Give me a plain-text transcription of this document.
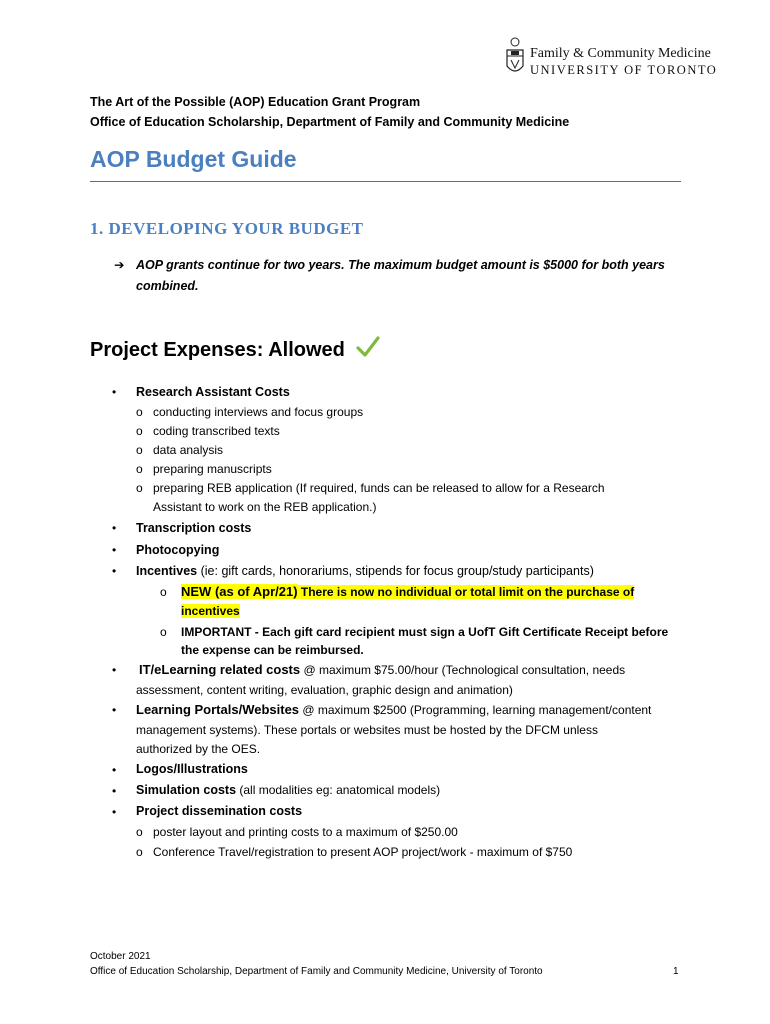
Family & Community Medicine
UNIVERSITY OF TORONTO
The Art of the Possible (AOP) Education Grant Program
Office of Education Scholarship, Department of Family and Community Medicine
AOP Budget Guide
1. DEVELOPING YOUR BUDGET
➔ AOP grants continue for two years. The maximum budget amount is $5000 for both years combined.
Project Expenses: Allowed
• Research Assistant Costs
o conducting interviews and focus groups
o coding transcribed texts
o data analysis
o preparing manuscripts
o preparing REB application (If required, funds can be released to allow for a Research
Assistant to work on the REB application.)
• Transcription costs
• Photocopying
• Incentives (ie: gift cards, honorariums, stipends for focus group/study participants)
o NEW (as of Apr/21) There is now no individual or total limit on the purchase of
incentives
o IMPORTANT - Each gift card recipient must sign a UofT Gift Certificate Receipt before
the expense can be reimbursed.
• IT/eLearning related costs @ maximum $75.00/hour (Technological consultation, needs
assessment, content writing, evaluation, graphic design and animation)
• Learning Portals/Websites @ maximum $2500 (Programming, learning management/content
management systems). These portals or websites must be hosted by the DFCM unless
authorized by the OES.
• Logos/Illustrations
• Simulation costs (all modalities eg: anatomical models)
• Project dissemination costs
o poster layout and printing costs to a maximum of $250.00
o Conference Travel/registration to present AOP project/work - maximum of $750
October 2021
Office of Education Scholarship, Department of Family and Community Medicine, University of Toronto	1
